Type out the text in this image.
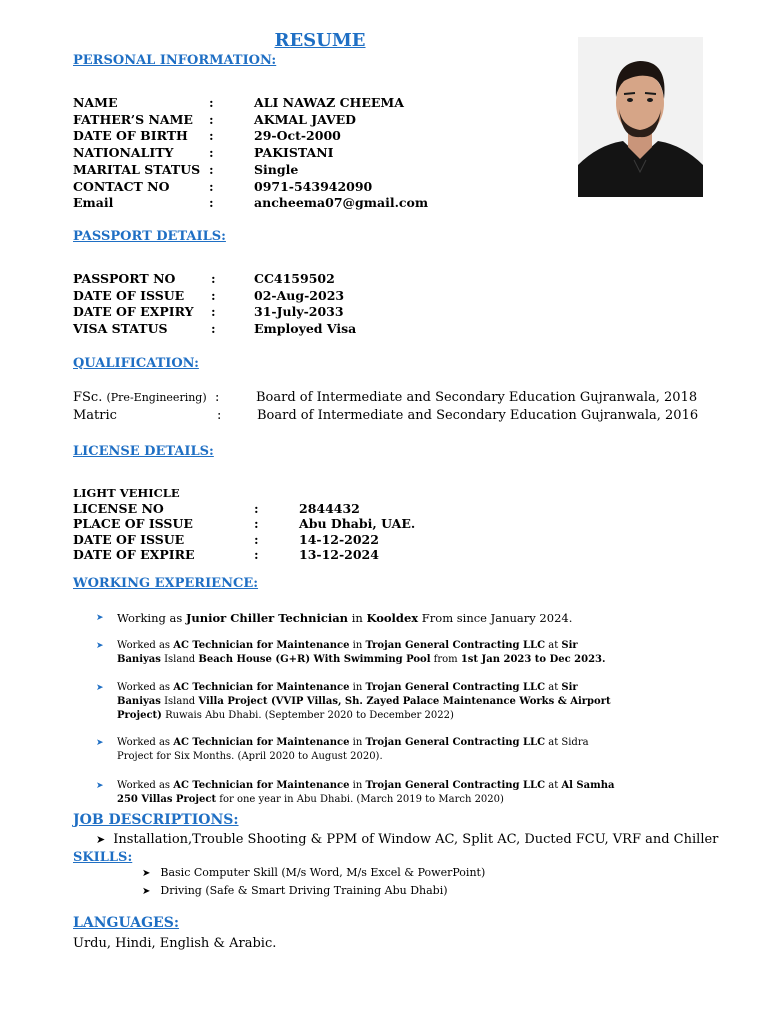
RESUME
PERSONAL INFORMATION:
NAME	:	ALI NAWAZ CHEEMA
FATHER’S NAME :	AKMAL JAVED
DATE OF BIRTH :	29-Oct-2000
NATIONALITY	:	PAKISTANI
MARITAL STATUS :	Single
CONTACT NO	:	0971-543942090
Email	:	ancheema07@gmail.com
PASSPORT DETAILS:
PASSPORT NO	:	CC4159502
DATE OF ISSUE :	02-Aug-2023
DATE OF EXPIRY :	31-July-2033
VISA STATUS	:	Employed Visa
QUALIFICATION:
FSc. (Pre-Engineering) :	Board of Intermediate and Secondary Education Gujranwala, 2018
Matric	:	Board of Intermediate and Secondary Education Gujranwala, 2016
LICENSE DETAILS:
LIGHT VEHICLE
LICENSE NO	:	2844432
PLACE OF ISSUE	:	Abu Dhabi, UAE.
DATE OF ISSUE	:	14-12-2022
DATE OF EXPIRE	:	13-12-2024
WORKING EXPERIENCE:
➤ Working as Junior Chiller Technician in Kooldex From since January 2024.
➤ Worked as AC Technician for Maintenance in Trojan General Contracting LLC at Sir Baniyas Island Beach House (G+R) With Swimming Pool from 1st Jan 2023 to Dec 2023.
➤ Worked as AC Technician for Maintenance in Trojan General Contracting LLC at Sir Baniyas Island Villa Project (VVIP Villas, Sh. Zayed Palace Maintenance Works & Airport Project) Ruwais Abu Dhabi. (September 2020 to December 2022)
➤ Worked as AC Technician for Maintenance in Trojan General Contracting LLC at Sidra Project for Six Months. (April 2020 to August 2020).
➤ Worked as AC Technician for Maintenance in Trojan General Contracting LLC at Al Samha 250 Villas Project for one year in Abu Dhabi. (March 2019 to March 2020)
JOB DESCRIPTIONS:
➤ Installation,Trouble Shooting & PPM of Window AC, Split AC, Ducted FCU, VRF and Chiller
SKILLS:
➤ Basic Computer Skill (M/s Word, M/s Excel & PowerPoint)
➤ Driving (Safe & Smart Driving Training Abu Dhabi)
LANGUAGES:
Urdu, Hindi, English & Arabic.
